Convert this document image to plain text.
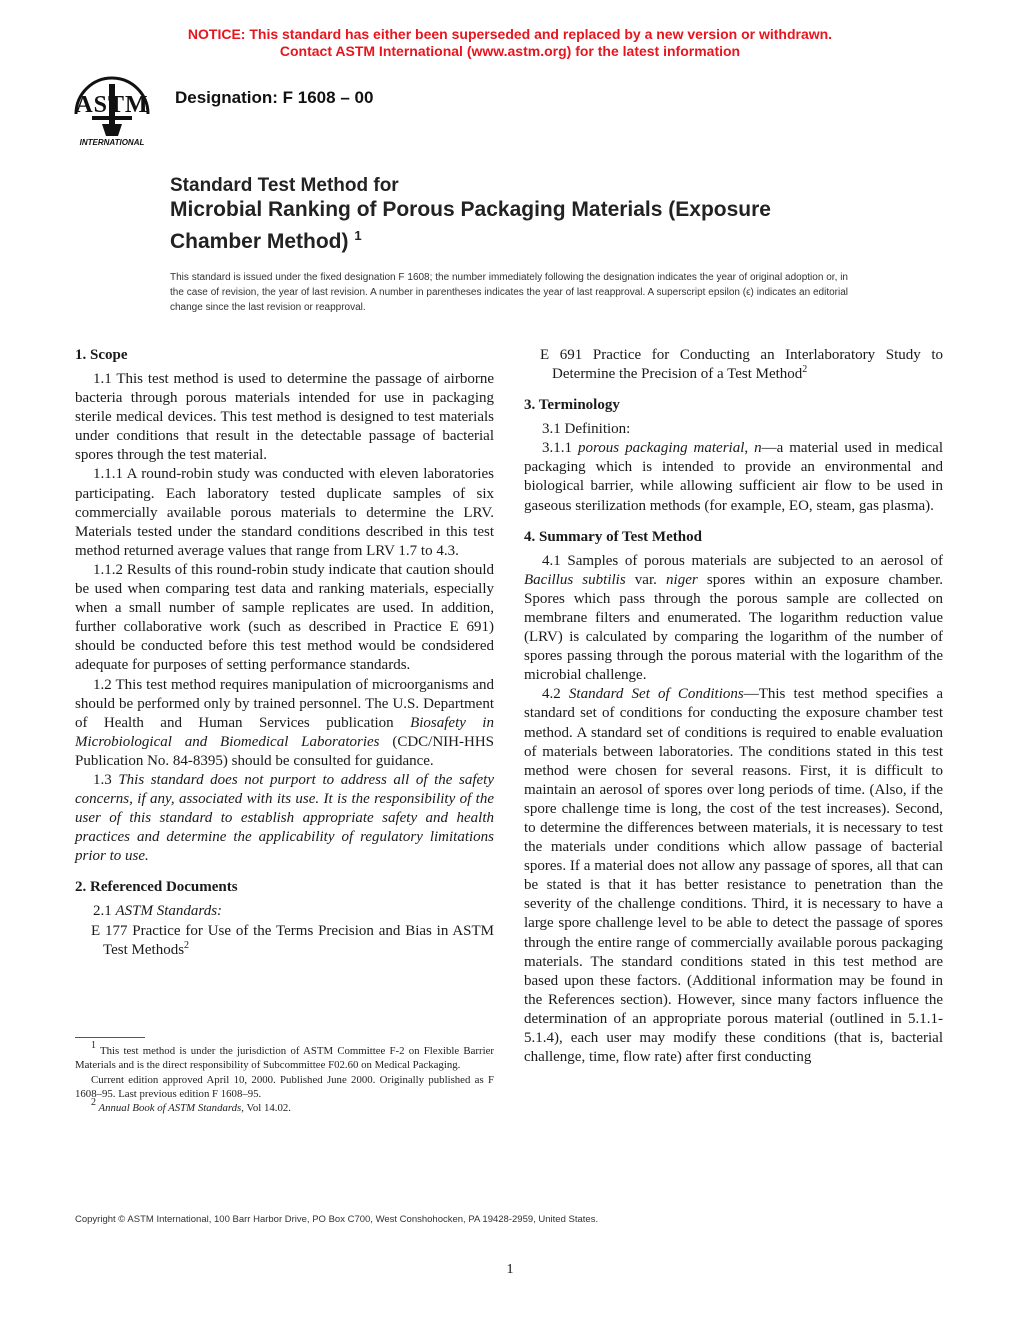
NOTICE: This standard has either been superseded and replaced by a new version or withdrawn.
Contact ASTM International (www.astm.org) for the latest information
ASTM
INTERNATIONAL
Designation: F 1608 – 00
Standard Test Method for
Microbial Ranking of Porous Packaging Materials (Exposure
Chamber Method) $^1$
This standard is issued under the fixed designation F 1608; the number immediately following the designation indicates the year of original adoption or, in the case of revision, the year of last revision. A number in parentheses indicates the year of last reapproval. A superscript epsilon (ϵ) indicates an editorial change since the last revision or reapproval.
1. Scope

1.1 This test method is used to determine the passage of airborne bacteria through porous materials intended for use in packaging sterile medical devices. This test method is designed to test materials under conditions that result in the detectable passage of bacterial spores through the test material.

1.1.1 A round-robin study was conducted with eleven laboratories participating. Each laboratory tested duplicate samples of six commercially available porous materials to determine the LRV. Materials tested under the standard conditions described in this test method returned average values that range from LRV 1.7 to 4.3.

1.1.2 Results of this round-robin study indicate that caution should be used when comparing test data and ranking materials, especially when a small number of sample replicates are used. In addition, further collaborative work (such as described in Practice E 691) should be conducted before this test method would be condsidered adequate for purposes of setting performance standards.

1.2 This test method requires manipulation of microorganisms and should be performed only by trained personnel. The U.S. Department of Health and Human Services publication Biosafety in Microbiological and Biomedical Laboratories (CDC/NIH-HHS Publication No. 84-8395) should be consulted for guidance.

1.3 This standard does not purport to address all of the safety concerns, if any, associated with its use. It is the responsibility of the user of this standard to establish appropriate safety and health practices and determine the applicability of regulatory limitations prior to use.

2. Referenced Documents

2.1 ASTM Standards:

E 177 Practice for Use of the Terms Precision and Bias in ASTM Test Methods$^2$

E 691 Practice for Conducting an Interlaboratory Study to Determine the Precision of a Test Method$^2$

3. Terminology

3.1 Definition:

3.1.1 porous packaging material, n—a material used in medical packaging which is intended to provide an environmental and biological barrier, while allowing sufficient air flow to be used in gaseous sterilization methods (for example, EO, steam, gas plasma).

4. Summary of Test Method

4.1 Samples of porous materials are subjected to an aerosol of Bacillus subtilis var. niger spores within an exposure chamber. Spores which pass through the porous sample are collected on membrane filters and enumerated. The logarithm reduction value (LRV) is calculated by comparing the logarithm of the number of spores passing through the porous material with the logarithm of the microbial challenge.

4.2 Standard Set of Conditions—This test method specifies a standard set of conditions for conducting the exposure chamber test method. A standard set of conditions is required to enable evaluation of materials between laboratories. The conditions stated in this test method were chosen for several reasons. First, it is difficult to maintain an aerosol of spores over long periods of time. (Also, if the spore challenge time is long, the cost of the test increases). Second, to determine the differences between materials, it is necessary to test the materials under conditions which allow passage of bacterial spores. If a material does not allow any passage of spores, all that can be stated is that it has better resistance to penetration than the severity of the challenge conditions. Third, it is necessary to have a large spore challenge level to be able to detect the passage of spores through the entire range of commercially available porous packaging materials. The standard conditions stated in this test method are based upon these factors. (Additional information may be found in the References section). However, since many factors influence the determination of an appropriate porous material (outlined in 5.1.1-5.1.4), each user may modify these conditions (that is, bacterial challenge, time, flow rate) after first conducting

$^1$ This test method is under the jurisdiction of ASTM Committee F-2 on Flexible Barrier Materials and is the direct responsibility of Subcommittee F02.60 on Medical Packaging.

Current edition approved April 10, 2000. Published June 2000. Originally published as F 1608–95. Last previous edition F 1608–95.

$^2$ Annual Book of ASTM Standards, Vol 14.02.

Copyright © ASTM International, 100 Barr Harbor Drive, PO Box C700, West Conshohocken, PA 19428-2959, United States.
1
